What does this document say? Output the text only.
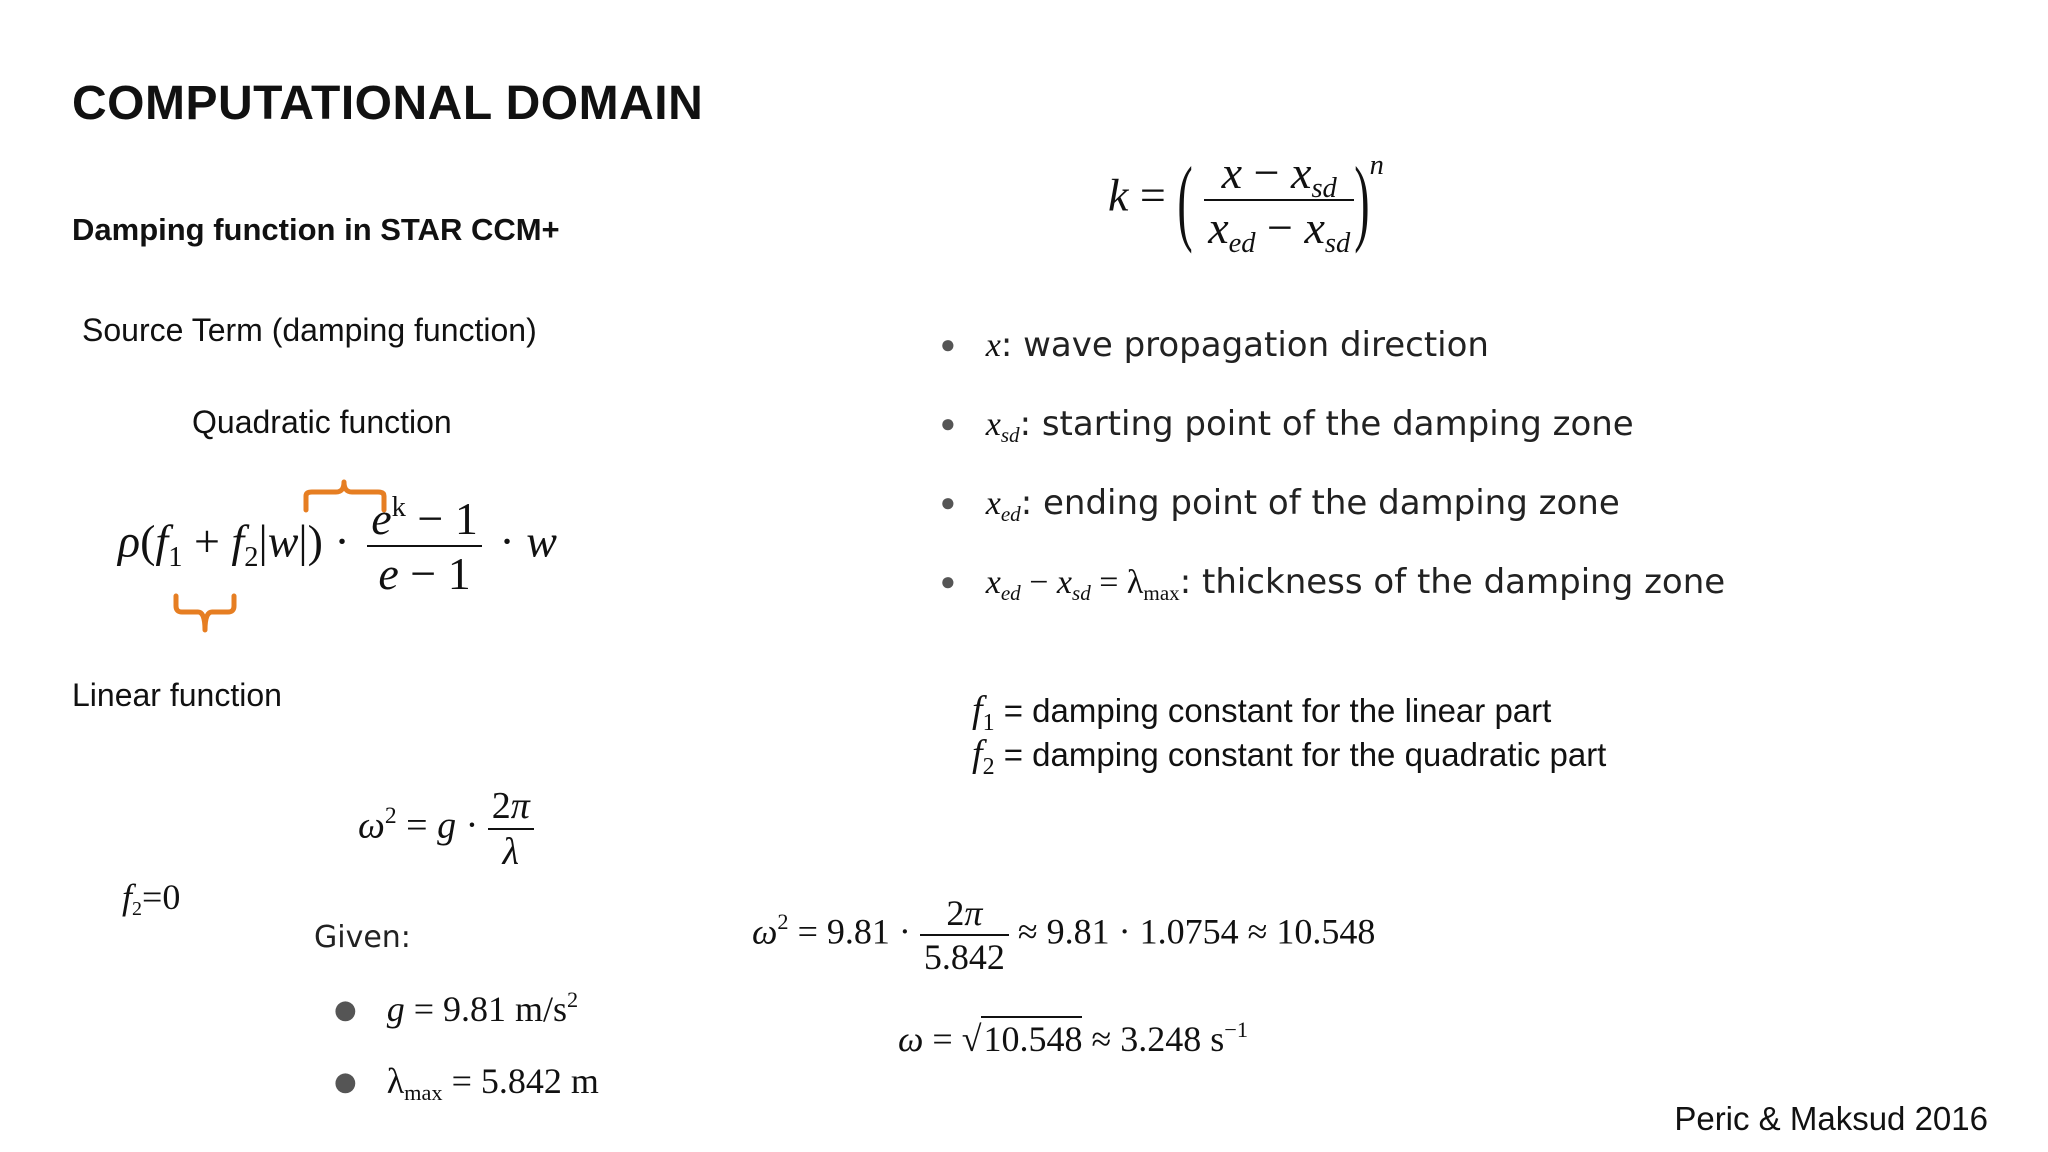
COMPUTATIONAL DOMAIN
Damping function in STAR CCM+
Source Term (damping function)
Quadratic function
Linear function
$\rho(f1 + f2|w|) \cdot \frac{e^k - 1}{e - 1} \cdot w$
k = ( $\frac{\text{x − xsd}}{\text{xed − xsd}} )^n$
● x: wave propagation direction
● xsd: starting point of the damping zone
● xed: ending point of the damping zone
● xed − xsd = λmax: thickness of the damping zone
$f_1$ = damping constant for the linear part
$f_2$ = damping constant for the quadratic part
$\omega^2 = g \cdot \frac{2\pi}{\lambda}$
f2=0
Given:
● g = 9.81 $m/s^2$
● λmax = 5.842 m
$\omega^2 = 9.81 \cdot \frac{2\pi}{5.842} \approx 9.81 \cdot 1.0754 \approx 10.548$
ω = √10.548 ≈ 3.248 $s^{-1}$
Peric & Maksud 2016
